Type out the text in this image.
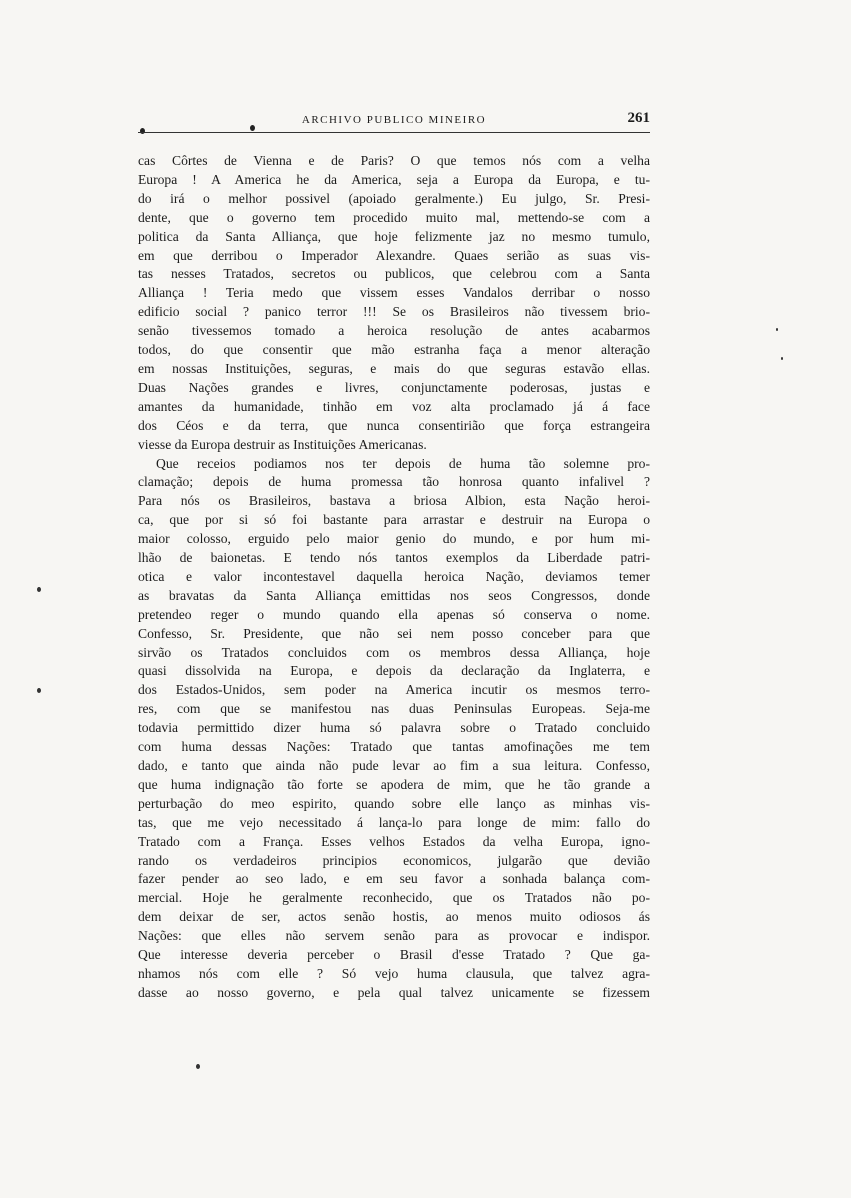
ARCHIVO PUBLICO MINEIRO	261
cas Côrtes de Vienna e de Paris? O que temos nós com a velha
Europa ! A America he da America, seja a Europa da Europa, e tu-
do irá o melhor possivel (apoiado geralmente.) Eu julgo, Sr. Presi-
dente, que o governo tem procedido muito mal, mettendo-se com a
politica da Santa Alliança, que hoje felizmente jaz no mesmo tumulo,
em que derribou o Imperador Alexandre. Quaes serião as suas vis-
tas nesses Tratados, secretos ou publicos, que celebrou com a Santa
Alliança ! Teria medo que vissem esses Vandalos derribar o nosso
edificio social ? panico terror !!! Se os Brasileiros não tivessem brio-
senão tivessemos tomado a heroica resolução de antes acabarmos
todos, do que consentir que mão estranha faça a menor alteração
em nossas Instituições, seguras, e mais do que seguras estavão ellas.
Duas Nações grandes e livres, conjunctamente poderosas, justas e
amantes da humanidade, tinhão em voz alta proclamado já á face
dos Céos e da terra, que nunca consentirião que força estrangeira
viesse da Europa destruir as Instituições Americanas.
Que receios podiamos nos ter depois de huma tão solemne pro-
clamação; depois de huma promessa tão honrosa quanto infalivel ?
Para nós os Brasileiros, bastava a briosa Albion, esta Nação heroi-
ca, que por si só foi bastante para arrastar e destruir na Europa o
maior colosso, erguido pelo maior genio do mundo, e por hum mi-
lhão de baionetas. E tendo nós tantos exemplos da Liberdade patri-
otica e valor incontestavel daquella heroica Nação, deviamos temer
as bravatas da Santa Alliança emittidas nos seos Congressos, donde
pretendeo reger o mundo quando ella apenas só conserva o nome.
Confesso, Sr. Presidente, que não sei nem posso conceber para que
sirvão os Tratados concluidos com os membros dessa Alliança, hoje
quasi dissolvida na Europa, e depois da declaração da Inglaterra, e
dos Estados-Unidos, sem poder na America incutir os mesmos terro-
res, com que se manifestou nas duas Peninsulas Europeas. Seja-me
todavia permittido dizer huma só palavra sobre o Tratado concluido
com huma dessas Nações: Tratado que tantas amofinações me tem
dado, e tanto que ainda não pude levar ao fim a sua leitura. Confesso,
que huma indignação tão forte se apodera de mim, que he tão grande a
perturbação do meo espirito, quando sobre elle lanço as minhas vis-
tas, que me vejo necessitado á lança-lo para longe de mim: fallo do
Tratado com a França. Esses velhos Estados da velha Europa, igno-
rando os verdadeiros principios economicos, julgarão que devião
fazer pender ao seo lado, e em seu favor a sonhada balança com-
mercial. Hoje he geralmente reconhecido, que os Tratados não po-
dem deixar de ser, actos senão hostis, ao menos muito odiosos ás
Nações: que elles não servem senão para as provocar e indispor.
Que interesse deveria perceber o Brasil d'esse Tratado ? Que ga-
nhamos nós com elle ? Só vejo huma clausula, que talvez agra-
dasse ao nosso governo, e pela qual talvez unicamente se fizessem
